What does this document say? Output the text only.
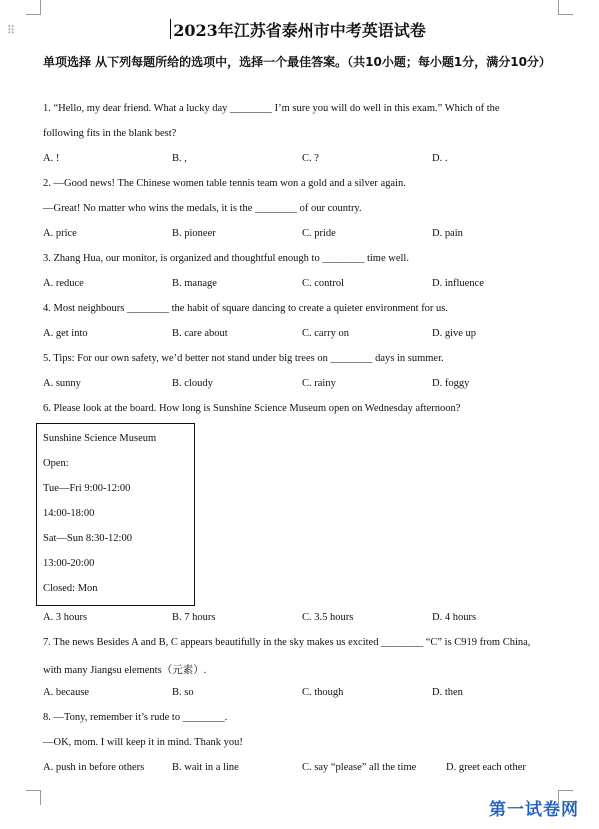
⠿	2023年江苏省泰州市中考英语试卷
单项选择 从下列每题所给的选项中，选择一个最佳答案。（共10小题；每小题1分，满分10分）
1. “Hello, my dear friend. What a lucky day ________ I’m sure you will do well in this exam.” Which of the
following fits in the blank best?
A. !	B. ,	C. ?	D. .
2. —Good news! The Chinese women table tennis team won a gold and a silver again.
—Great! No matter who wins the medals, it is the ________ of our country.
A. price	B. pioneer	C. pride	D. pain
3. Zhang Hua, our monitor, is organized and thoughtful enough to ________ time well.
A. reduce	B. manage	C. control	D. influence
4. Most neighbours ________ the habit of square dancing to create a quieter environment for us.
A. get into	B. care about	C. carry on	D. give up
5. Tips: For our own safety, we’d better not stand under big trees on ________ days in summer.
A. sunny	B. cloudy	C. rainy	D. foggy
6. Please look at the board. How long is Sunshine Science Museum open on Wednesday afternoon?
Sunshine Science Museum
Open:
Tue—Fri 9:00-12:00
14:00-18:00
Sat—Sun 8:30-12:00
13:00-20:00
Closed: Mon
A. 3 hours	B. 7 hours	C. 3.5 hours	D. 4 hours
7. The news Besides A and B, C appears beautifully in the sky makes us excited ________ “C” is C919 from China,
with many Jiangsu elements（元素）.
A. because	B. so	C. though	D. then
8. —Tony, remember it’s rude to ________.
—OK, mom. I will keep it in mind. Thank you!
A. push in before others	B. wait in a line	C. say “please” all the time	D. greet each other
第一试卷网
